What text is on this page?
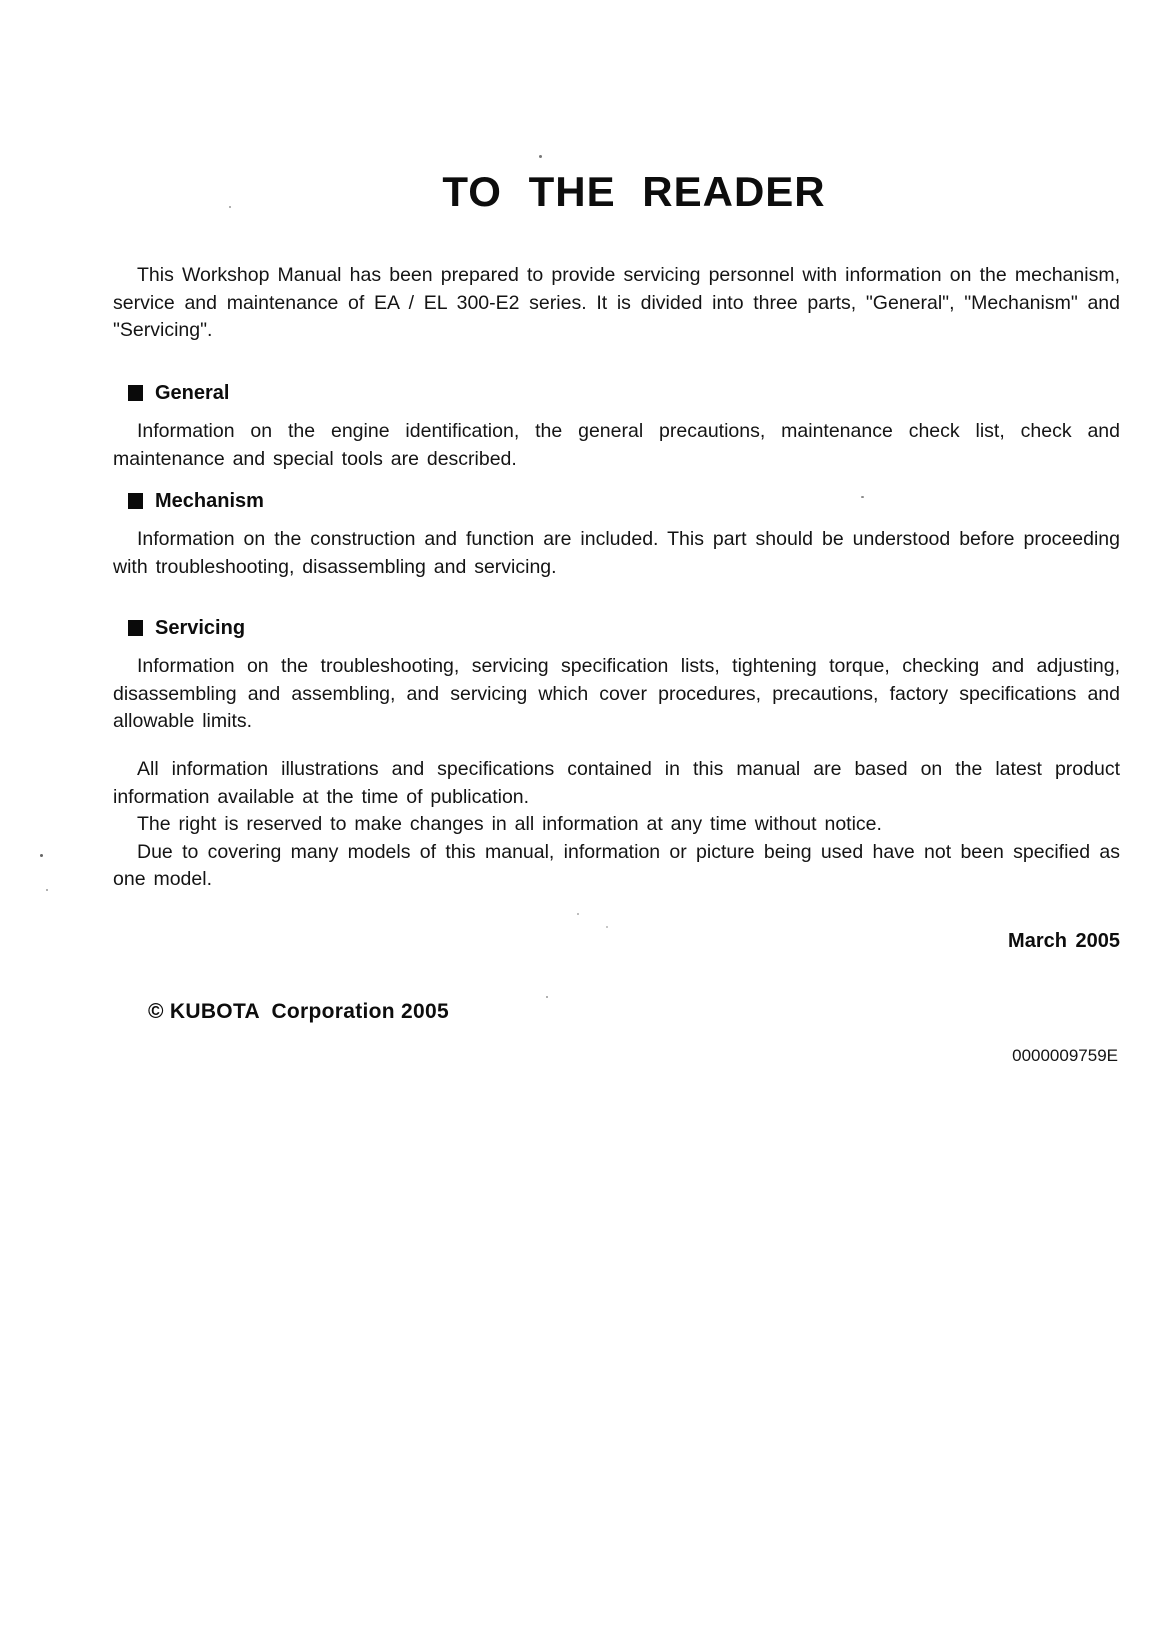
TO THE READER

This Workshop Manual has been prepared to provide servicing personnel with information on the mechanism, service and maintenance of EA / EL 300-E2 series. It is divided into three parts, "General", "Mechanism" and "Servicing".

General

Information on the engine identification, the general precautions, maintenance check list, check and maintenance and special tools are described.

Mechanism

Information on the construction and function are included. This part should be understood before proceeding with troubleshooting, disassembling and servicing.

Servicing

Information on the troubleshooting, servicing specification lists, tightening torque, checking and adjusting, disassembling and assembling, and servicing which cover procedures, precautions, factory specifications and allowable limits.

All information illustrations and specifications contained in this manual are based on the latest product information available at the time of publication.

The right is reserved to make changes in all information at any time without notice.

Due to covering many models of this manual, information or picture being used have not been specified as one model.

March 2005

© KUBOTA  Corporation 2005

0000009759E
